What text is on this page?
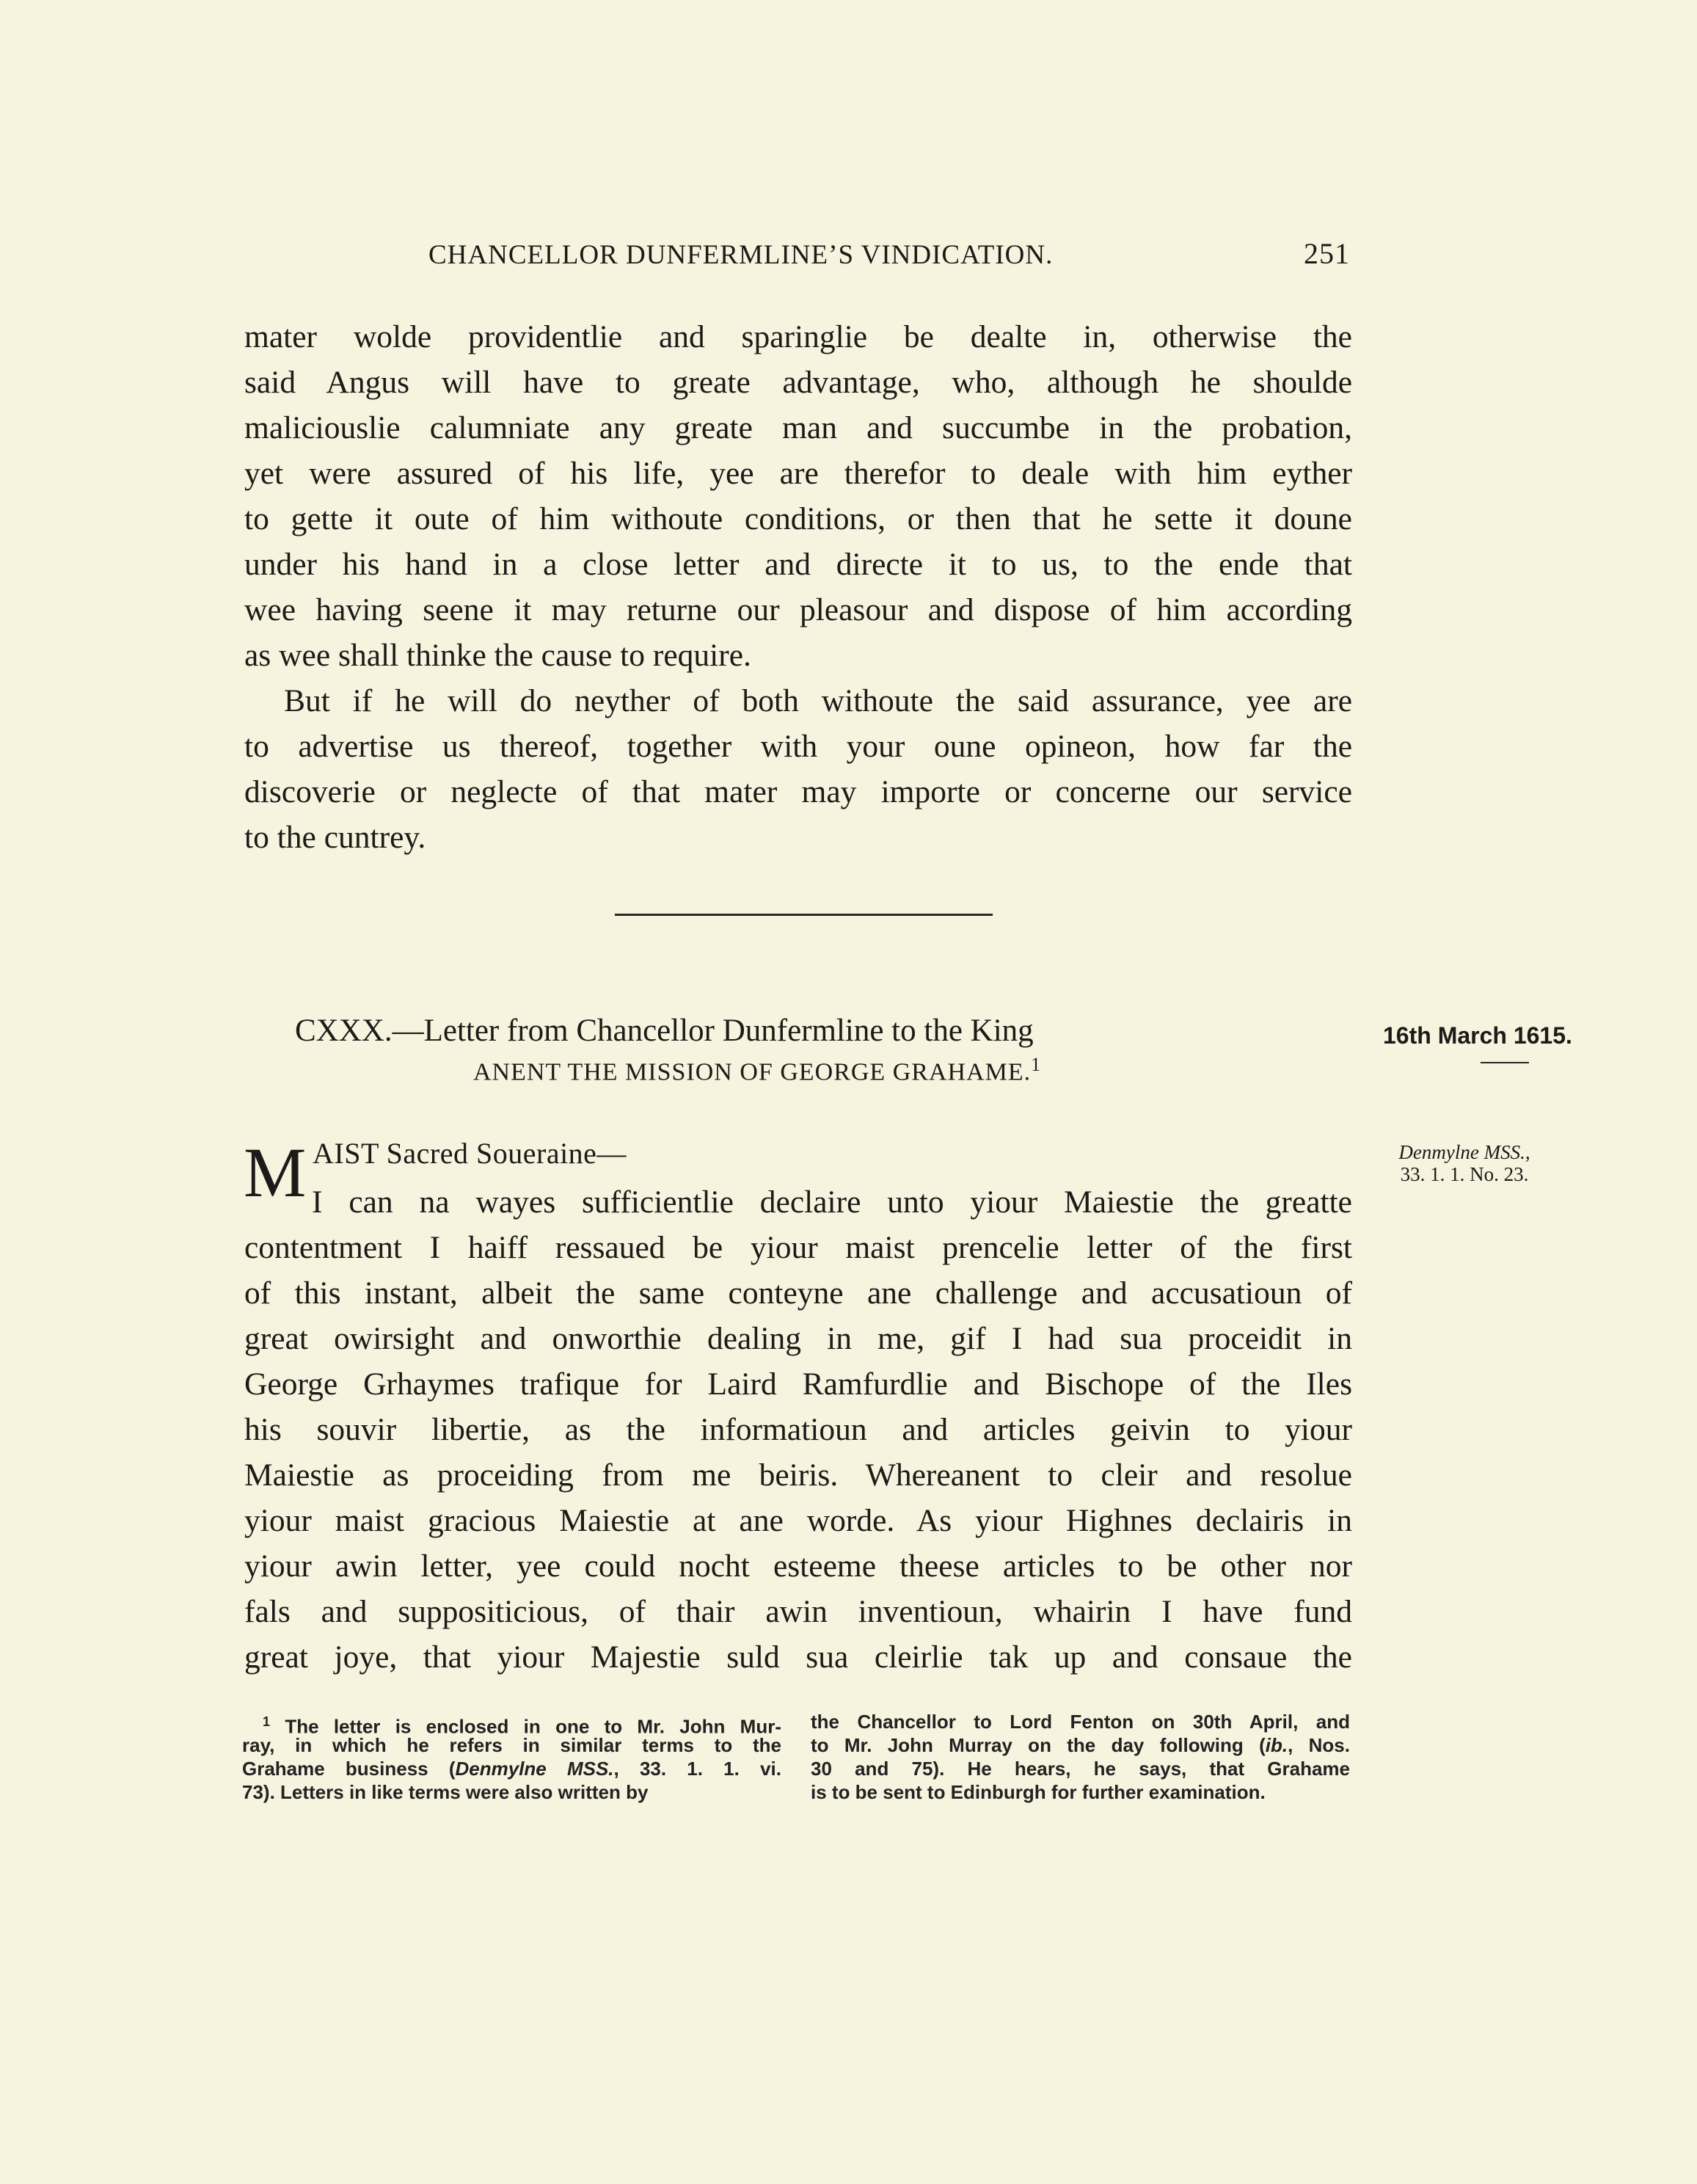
CHANCELLOR DUNFERMLINE’S VINDICATION.	251
mater wolde providentlie and sparinglie be dealte in, otherwise the
said Angus will have to greate advantage, who, although he shoulde
maliciouslie calumniate any greate man and succumbe in the probation,
yet were assured of his life, yee are therefor to deale with him eyther
to gette it oute of him withoute conditions, or then that he sette it doune
under his hand in a close letter and directe it to us, to the ende that
wee having seene it may returne our pleasour and dispose of him according
as wee shall thinke the cause to require.
But if he will do neyther of both withoute the said assurance, yee are
to advertise us thereof, together with your oune opineon, how far the
discoverie or neglecte of that mater may importe or concerne our service
to the cuntrey.
CXXX.—Letter from Chancellor Dunfermline to the King
ANENT THE MISSION OF GEORGE GRAHAME.$^1$
16th March 1615.
Denmylne MSS.,
33. 1. 1. No. 23.
M AIST Sacred Soueraine—
I can na wayes sufficientlie declaire unto yiour Maiestie the greatte
contentment I haiff ressaued be yiour maist prencelie letter of the first
of this instant, albeit the same conteyne ane challenge and accusatioun of
great owirsight and onworthie dealing in me, gif I had sua proceidit in
George Grhaymes trafique for Laird Ramfurdlie and Bischope of the Iles
his souvir libertie, as the informatioun and articles geivin to yiour
Maiestie as proceiding from me beiris. Whereanent to cleir and resolue
yiour maist gracious Maiestie at ane worde. As yiour Highnes declairis in
yiour awin letter, yee could nocht esteeme theese articles to be other nor
fals and suppositicious, of thair awin inventioun, whairin I have fund
great joye, that yiour Majestie suld sua cleirlie tak up and consaue the
$^1$ The letter is enclosed in one to Mr. John Mur-
ray, in which he refers in similar terms to the
Grahame business (Denmylne MSS., 33. 1. 1. vi.
73). Letters in like terms were also written by
the Chancellor to Lord Fenton on 30th April, and
to Mr. John Murray on the day following (ib., Nos.
30 and 75). He hears, he says, that Grahame
is to be sent to Edinburgh for further examination.
